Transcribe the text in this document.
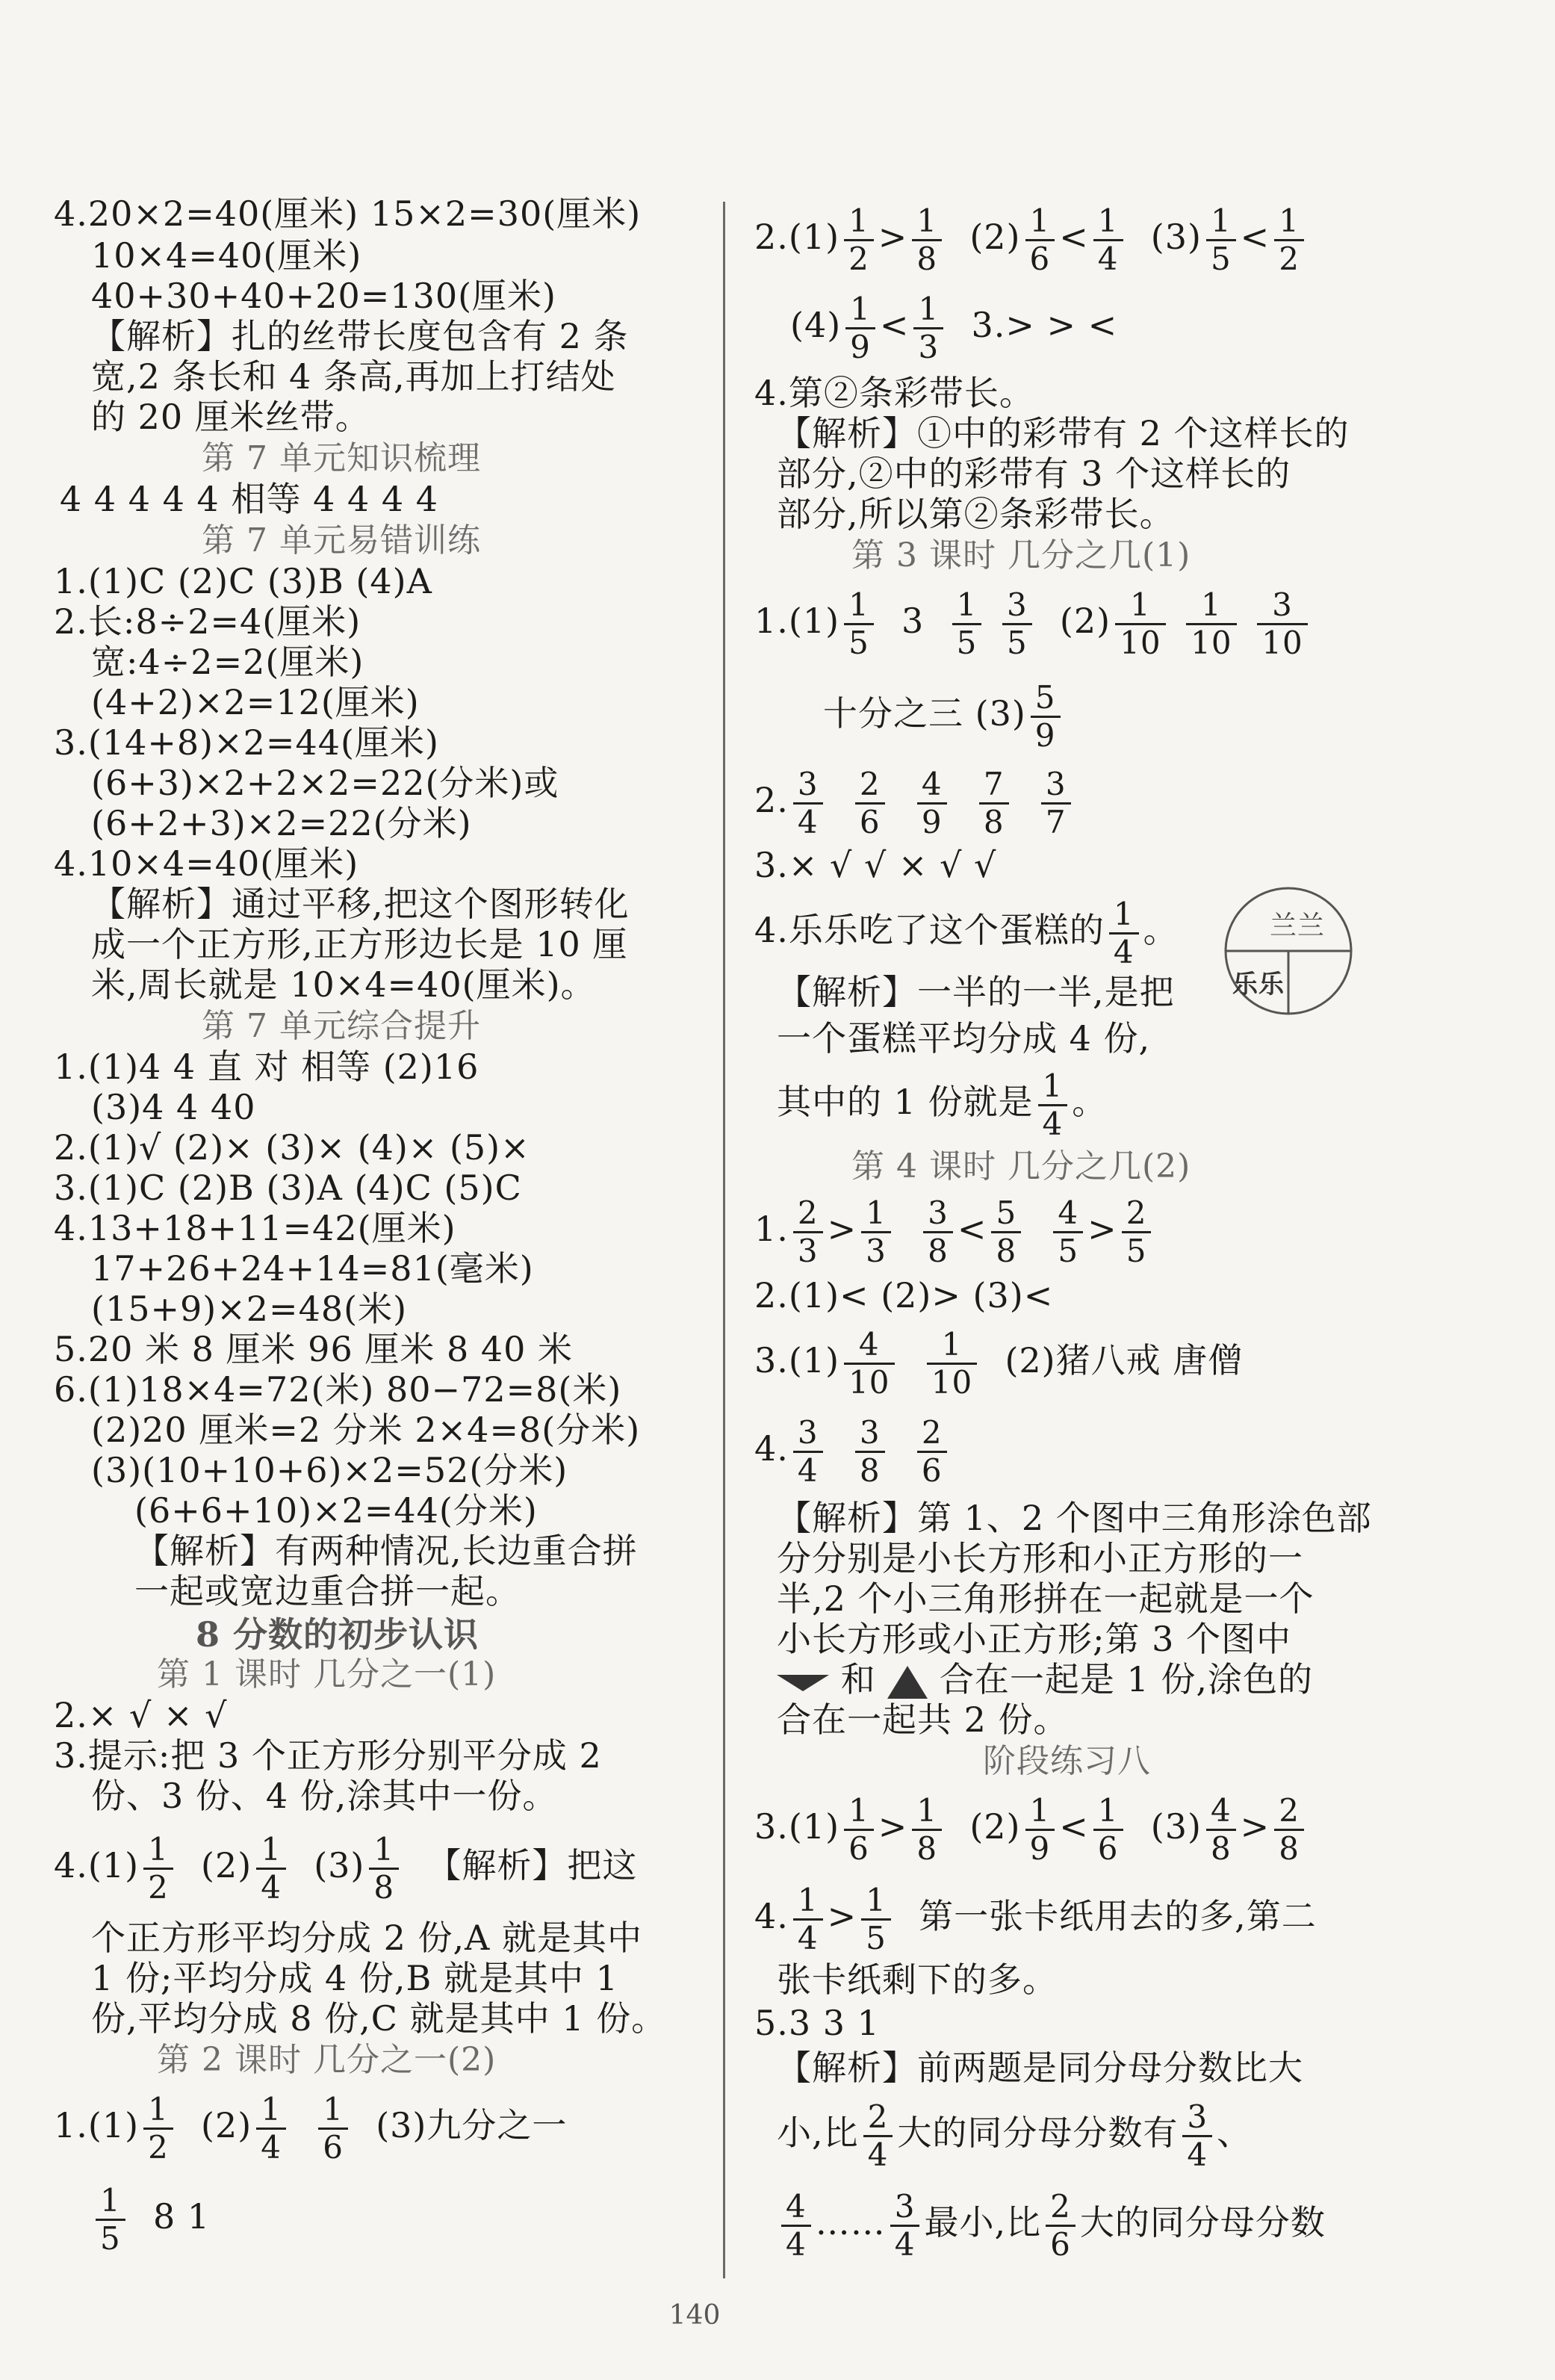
4.20×2=40(厘米) 15×2=30(厘米)
10×4=40(厘米)
40+30+40+20=130(厘米)
【解析】扎的丝带长度包含有 2 条
宽,2 条长和 4 条高,再加上打结处
的 20 厘米丝带。
第 7 单元知识梳理
4 4 4 4 4 相等 4 4 4 4
第 7 单元易错训练
1.(1)C (2)C (3)B (4)A
2.长:8÷2=4(厘米)
宽:4÷2=2(厘米)
(4+2)×2=12(厘米)
3.(14+8)×2=44(厘米)
(6+3)×2+2×2=22(分米)或
(6+2+3)×2=22(分米)
4.10×4=40(厘米)
【解析】通过平移,把这个图形转化
成一个正方形,正方形边长是 10 厘
米,周长就是 10×4=40(厘米)。
第 7 单元综合提升
1.(1)4 4 直 对 相等 (2)16
(3)4 4 40
2.(1)√ (2)× (3)× (4)× (5)×
3.(1)C (2)B (3)A (4)C (5)C
4.13+18+11=42(厘米)
17+26+24+14=81(毫米)
(15+9)×2=48(米)
5.20 米 8 厘米 96 厘米 8 40 米
6.(1)18×4=72(米) 80−72=8(米)
(2)20 厘米=2 分米 2×4=8(分米)
(3)(10+10+6)×2=52(分米)
(6+6+10)×2=44(分米)
【解析】有两种情况,长边重合拼
一起或宽边重合拼一起。
8 分数的初步认识
第 1 课时 几分之一(1)
2.× √ × √
3.提示:把 3 个正方形分别平分成 2
份、3 份、4 份,涂其中一份。
$4.(1) \frac{1}{2} (2) \frac{1}{4} (3) \frac{1}{8}$ 【解析】把这
个正方形平均分成 2 份,A 就是其中
1 份;平均分成 4 份,B 就是其中 1
份,平均分成 8 份,C 就是其中 1 份。
第 2 课时 几分之一(2)
$1.(1) \frac{1}{2} (2) \frac{1}{4}$
$\frac{1}{6} (3)$九分之一
$\frac{1}{5} 8$ 1
$2.(1) \frac{1}{2} > \frac{1}{8} (2) \frac{1}{6} < \frac{1}{4} (3) \frac{1}{5} < \frac{1}{2}$
$(4) \frac{1}{9} < \frac{1}{3} 3.>$ > <
4.第②条彩带长。
【解析】①中的彩带有 2 个这样长的
部分,②中的彩带有 3 个这样长的
部分,所以第②条彩带长。
第 3 课时 几分之几(1)
$1.(1) \frac{1}{5} 3 \frac{1}{5}$
$\frac{3}{5} (2) \frac{1}{10}$
$\frac{1}{10}$
$\frac{3}{10}$
十分之三 $(3) \frac{5}{9}$
2. $\frac{3}{4}$
$\frac{2}{6}$
$\frac{4}{9}$
$\frac{7}{8}$
$\frac{3}{7}$
3.× √ √ × √ √
4.乐乐吃了这个蛋糕的 $\frac{1}{4}$ 。
【解析】一半的一半,是把
一个蛋糕平均分成 4 份,
其中的 1 份就是 $\frac{1}{4}$ 。
兰兰
乐乐
第 4 课时 几分之几(2)
1. $\frac{2}{3} > \frac{1}{3}$
$\frac{3}{8} < \frac{5}{8}$
$\frac{4}{5} > \frac{2}{5}$
2.(1)< (2)> (3)<
$3.(1) \frac{4}{10}$
$\frac{1}{10} (2)$猪八戒 唐僧
4. $\frac{3}{4}$
$\frac{3}{8}$
$\frac{2}{6}$
【解析】第 1、2 个图中三角形涂色部
分分别是小长方形和小正方形的一
半,2 个小三角形拼在一起就是一个
小长方形或小正方形;第 3 个图中
和 合在一起是 1 份,涂色的
合在一起共 2 份。
阶段练习八
$3.(1) \frac{1}{6} > \frac{1}{8} (2) \frac{1}{9} < \frac{1}{6} (3) \frac{4}{8} > \frac{2}{8}$
4. $\frac{1}{4} > \frac{1}{5}$ 第一张卡纸用去的多,第二
张卡纸剩下的多。
5.3 3 1
【解析】前两题是同分母分数比大
小,比 $\frac{2}{4}$ 大的同分母分数有 $\frac{3}{4}$ 、
$\frac{4}{4}$ …… $\frac{3}{4}$ 最小,比 $\frac{2}{6}$ 大的同分母分数
140
